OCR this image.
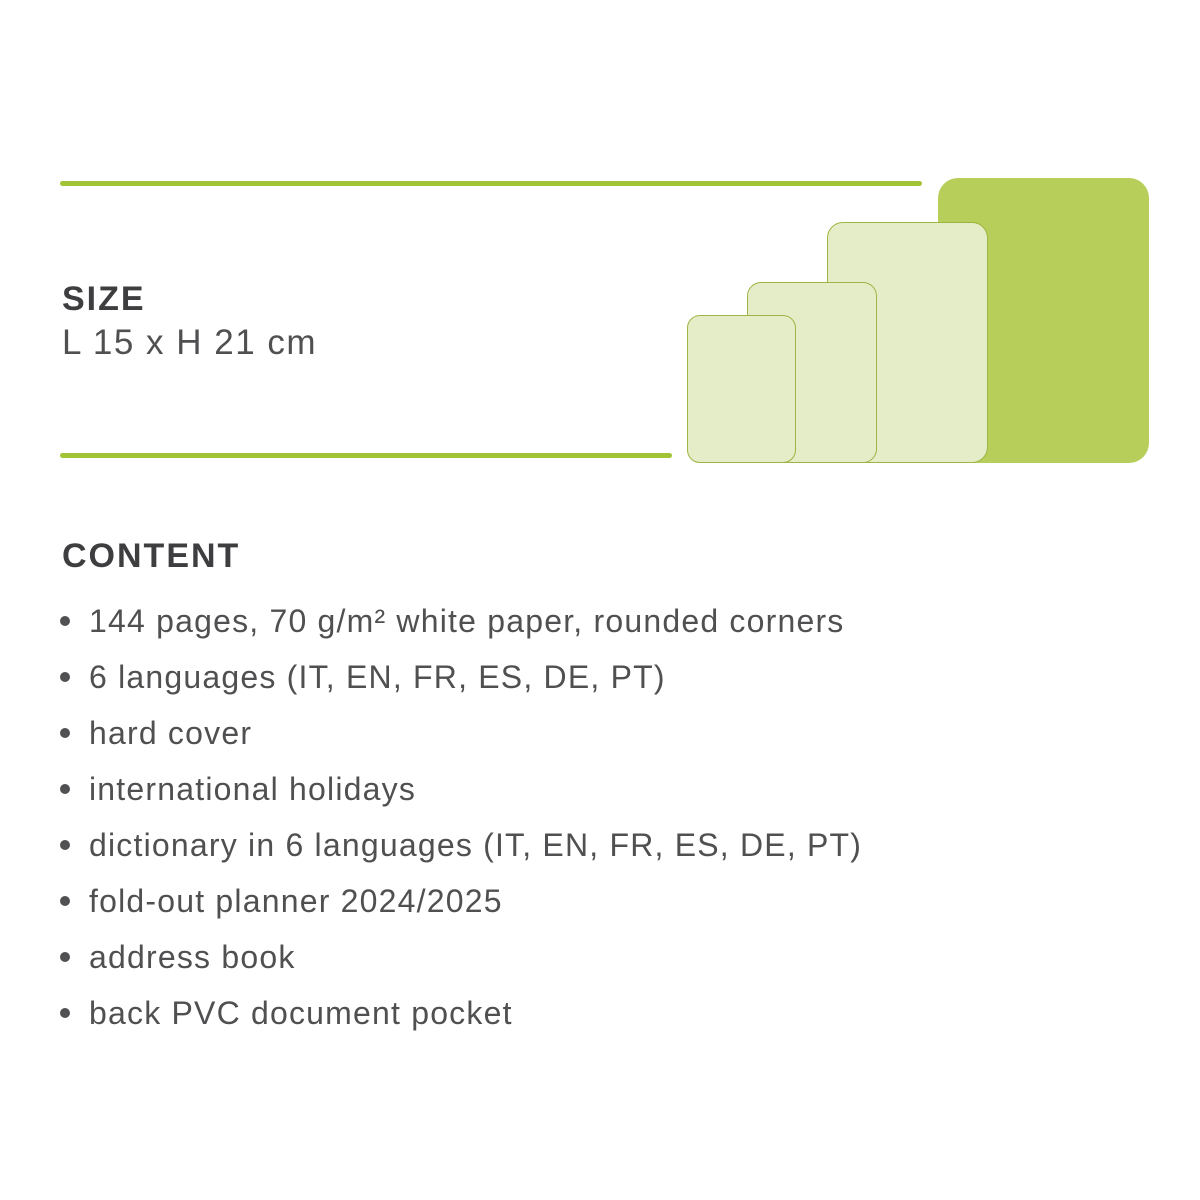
SIZE

L 15 x H 21 cm

CONTENT
144 pages, 70 g/m² white paper, rounded corners
6 languages (IT, EN, FR, ES, DE, PT)
hard cover
international holidays
dictionary in 6 languages (IT, EN, FR, ES, DE, PT)
fold-out planner 2024/2025
address book
back PVC document pocket
